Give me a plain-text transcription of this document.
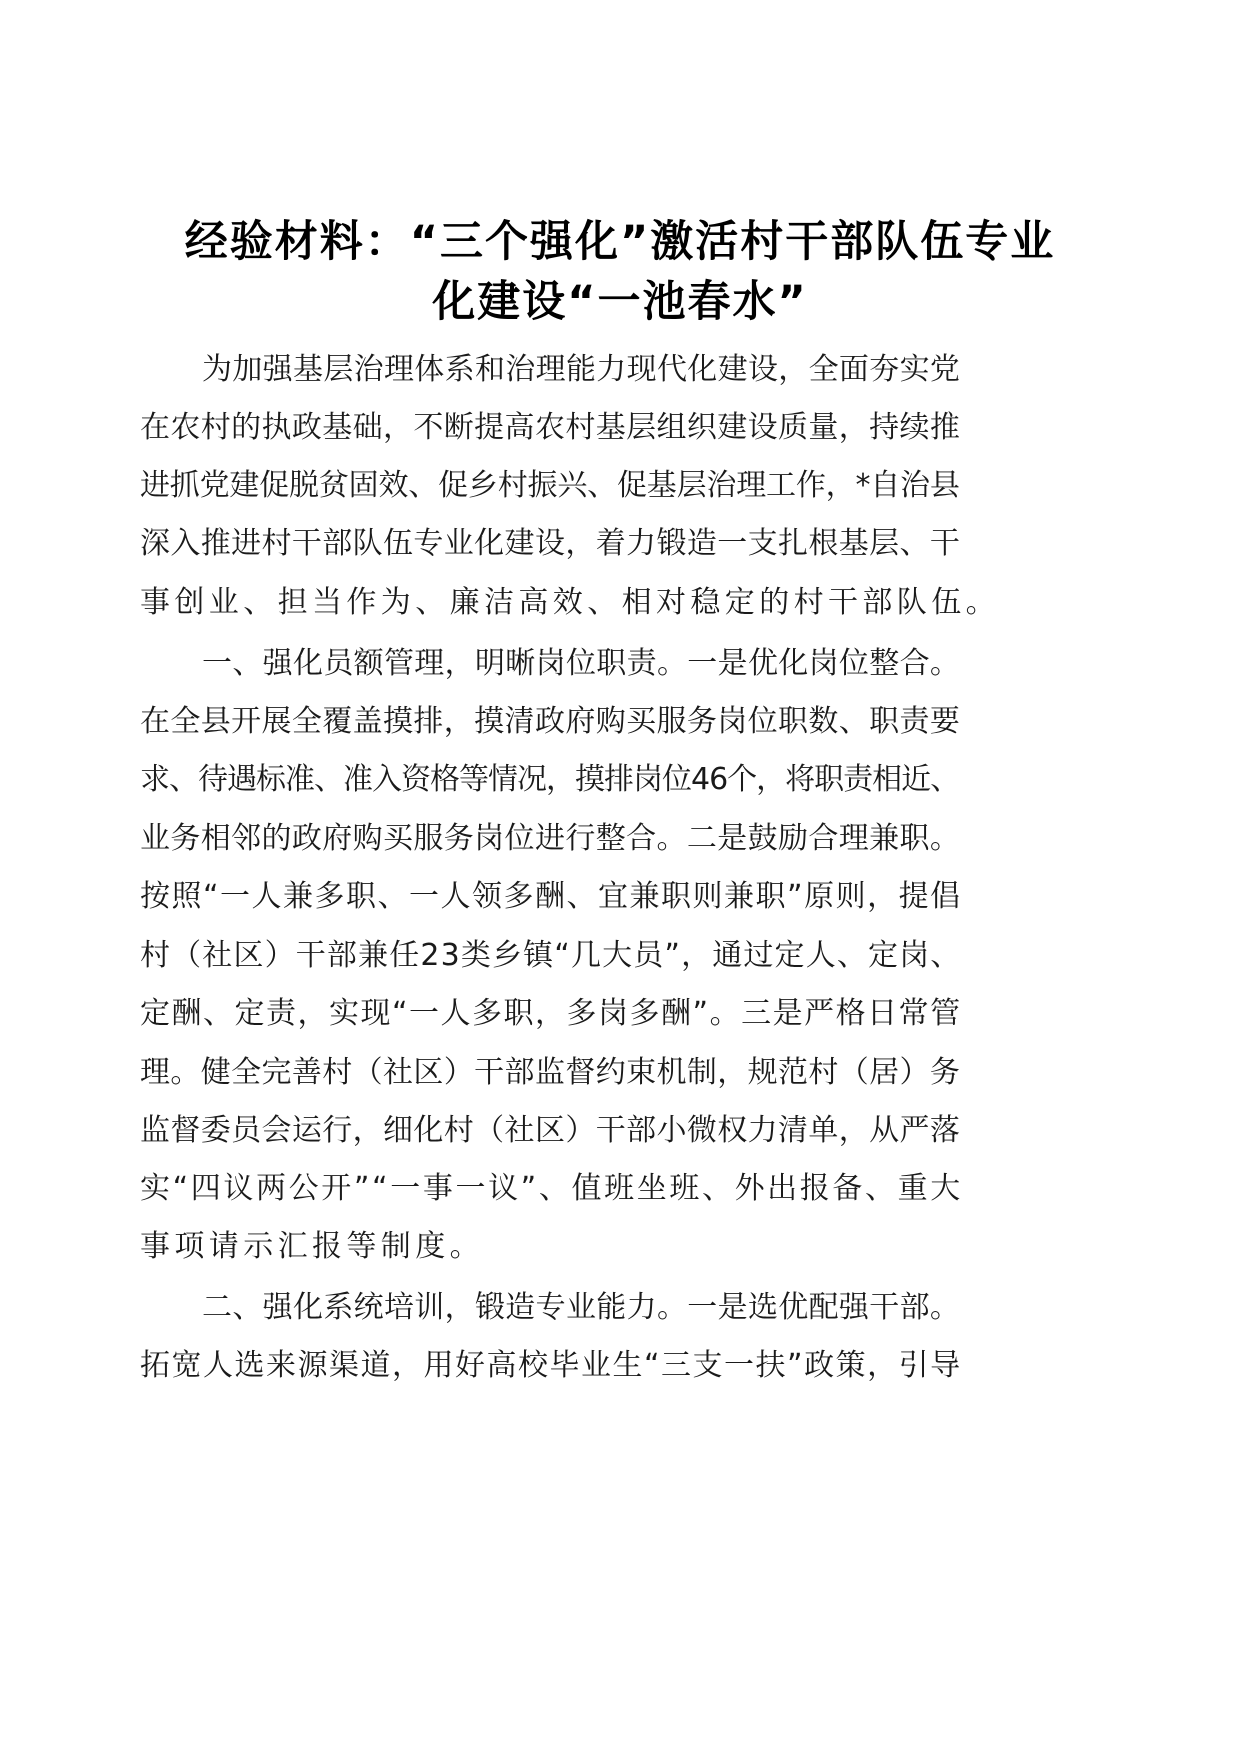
经验材料：“三个强化”激活村干部队伍专业
化建设“一池春水”
为加强基层治理体系和治理能力现代化建设，全面夯实党
在农村的执政基础，不断提高农村基层组织建设质量，持续推
进抓党建促脱贫固效、促乡村振兴、促基层治理工作，*自治县
深入推进村干部队伍专业化建设，着力锻造一支扎根基层、干
事创业、担当作为、廉洁高效、相对稳定的村干部队伍。
一、强化员额管理，明晰岗位职责。一是优化岗位整合。
在全县开展全覆盖摸排，摸清政府购买服务岗位职数、职责要
求、待遇标准、准入资格等情况，摸排岗位46个，将职责相近、
业务相邻的政府购买服务岗位进行整合。二是鼓励合理兼职。
按照“一人兼多职、一人领多酬、宜兼职则兼职”原则，提倡
村（社区）干部兼任23类乡镇“几大员”，通过定人、定岗、
定酬、定责，实现“一人多职，多岗多酬”。三是严格日常管
理。健全完善村（社区）干部监督约束机制，规范村（居）务
监督委员会运行，细化村（社区）干部小微权力清单，从严落
实“四议两公开”“一事一议”、值班坐班、外出报备、重大
事项请示汇报等制度。
二、强化系统培训，锻造专业能力。一是选优配强干部。
拓宽人选来源渠道，用好高校毕业生“三支一扶”政策，引导
